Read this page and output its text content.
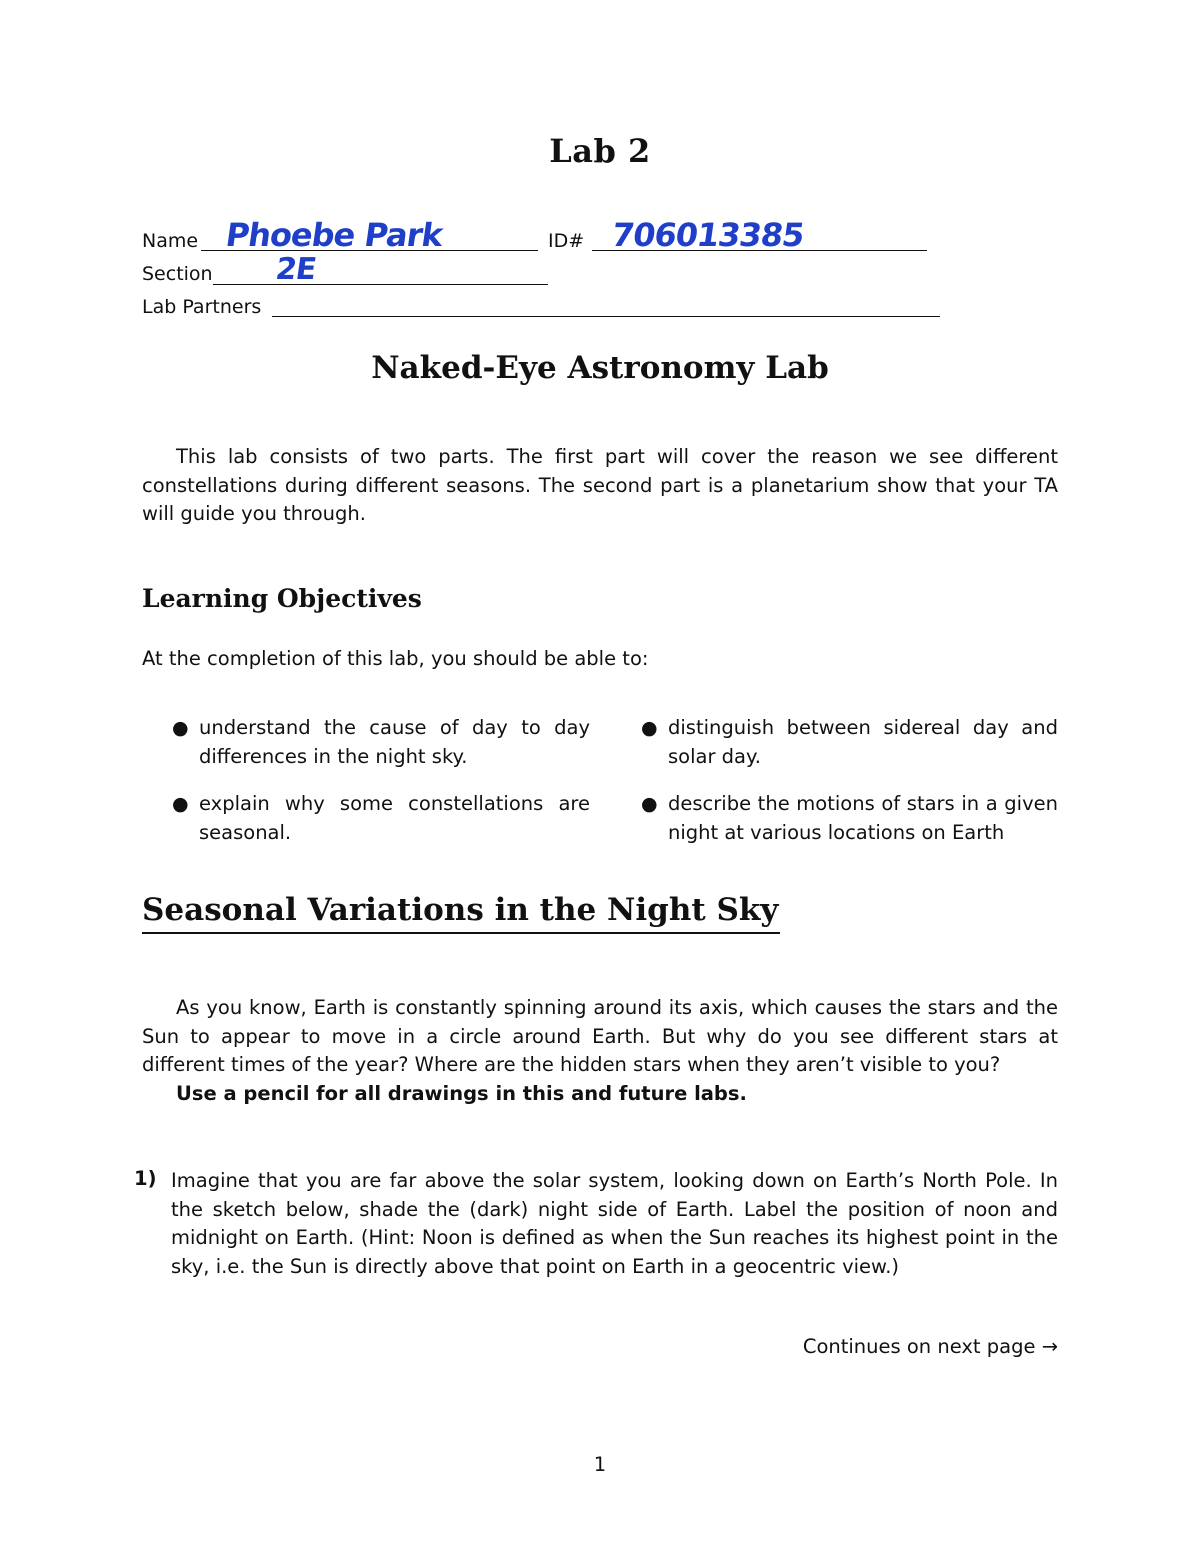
Lab 2
Name Phoebe Park	ID# 706013385
Section 2E
Lab Partners
Naked-Eye Astronomy Lab
This lab consists of two parts. The first part will cover the reason we see different constellations during different seasons. The second part is a planetarium show that your TA will guide you through.
Learning Objectives
At the completion of this lab, you should be able to:
● understand the cause of day to day differences in the night sky.
● explain why some constellations are seasonal.
● distinguish between sidereal day and solar day.
● describe the motions of stars in a given night at various locations on Earth
Seasonal Variations in the Night Sky
As you know, Earth is constantly spinning around its axis, which causes the stars and the Sun to appear to move in a circle around Earth. But why do you see different stars at different times of the year? Where are the hidden stars when they aren’t visible to you?
Use a pencil for all drawings in this and future labs.
1) Imagine that you are far above the solar system, looking down on Earth’s North Pole. In the sketch below, shade the (dark) night side of Earth. Label the position of noon and midnight on Earth. (Hint: Noon is defined as when the Sun reaches its highest point in the sky, i.e. the Sun is directly above that point on Earth in a geocentric view.)
Continues on next page →
1
